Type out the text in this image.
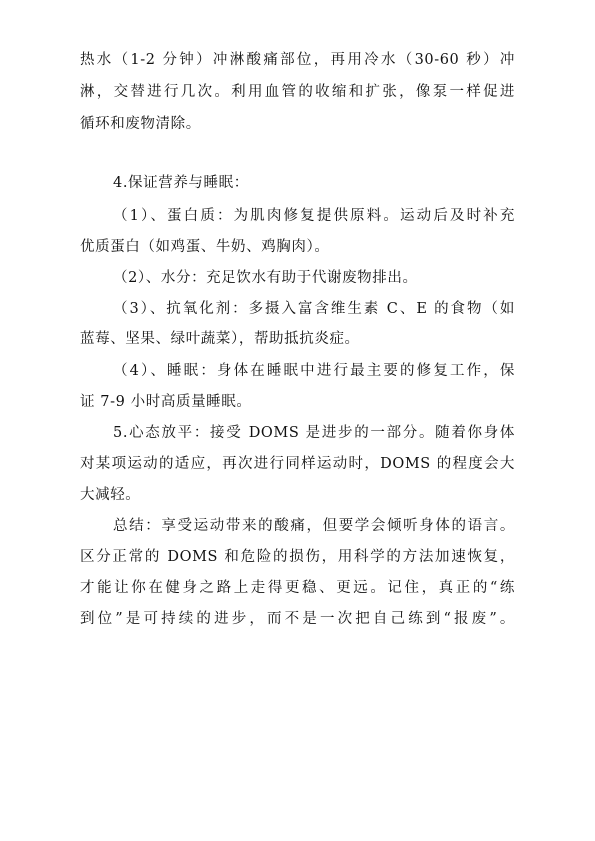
热水（1-2 分钟）冲淋酸痛部位，再用冷水（30-60 秒）冲
淋，交替进行几次。利用血管的收缩和扩张，像泵一样促进
循环和废物清除。
4.保证营养与睡眠：
（1）、蛋白质：为肌肉修复提供原料。运动后及时补充
优质蛋白（如鸡蛋、牛奶、鸡胸肉）。
（2）、水分：充足饮水有助于代谢废物排出。
（3）、抗氧化剂：多摄入富含维生素 C、E 的食物（如
蓝莓、坚果、绿叶蔬菜），帮助抵抗炎症。
（4）、睡眠：身体在睡眠中进行最主要的修复工作，保
证 7-9 小时高质量睡眠。
5.心态放平：接受 DOMS 是进步的一部分。随着你身体
对某项运动的适应，再次进行同样运动时，DOMS 的程度会大
大减轻。
总结：享受运动带来的酸痛，但要学会倾听身体的语言。
区分正常的 DOMS 和危险的损伤，用科学的方法加速恢复，
才能让你在健身之路上走得更稳、更远。记住，真正的“练
到位”是可持续的进步，而不是一次把自己练到“报废”。
